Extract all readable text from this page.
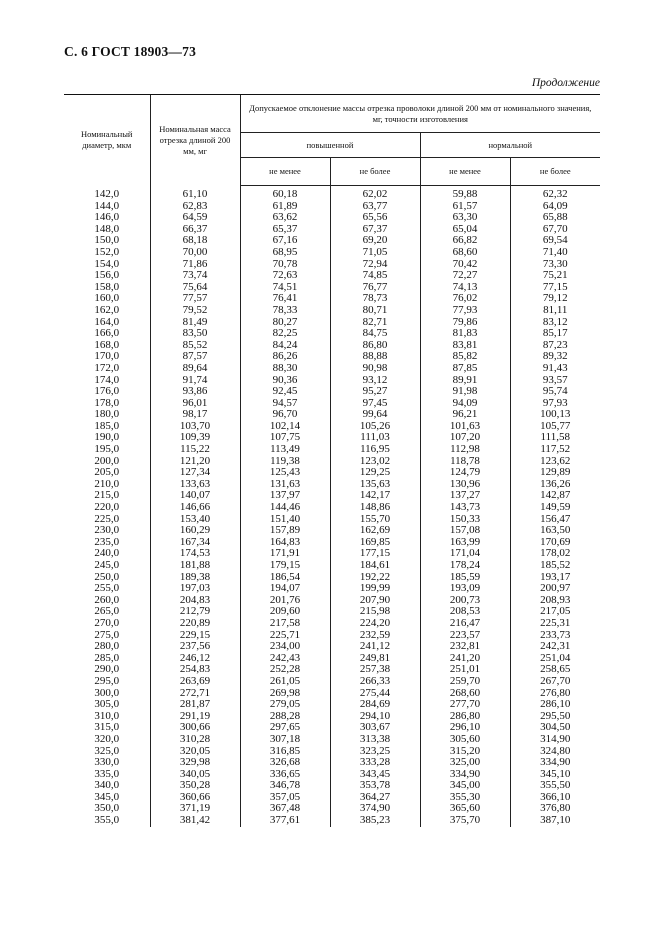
С. 6 ГОСТ 18903—73
Продолжение
Номинальный диаметр, мкм	Номинальная масса отрезка длиной 200 мм, мг	Допускаемое отклонение массы отрезка проволоки длиной 200 мм от номинального значения, мг, точности изготовления			
		повышенной		нормальной	
		не менее	не более	не менее	не более
142,0	61,10	60,18	62,02	59,88	62,32
144,0	62,83	61,89	63,77	61,57	64,09
146,0	64,59	63,62	65,56	63,30	65,88
148,0	66,37	65,37	67,37	65,04	67,70
150,0	68,18	67,16	69,20	66,82	69,54
152,0	70,00	68,95	71,05	68,60	71,40
154,0	71,86	70,78	72,94	70,42	73,30
156,0	73,74	72,63	74,85	72,27	75,21
158,0	75,64	74,51	76,77	74,13	77,15
160,0	77,57	76,41	78,73	76,02	79,12
162,0	79,52	78,33	80,71	77,93	81,11
164,0	81,49	80,27	82,71	79,86	83,12
166,0	83,50	82,25	84,75	81,83	85,17
168,0	85,52	84,24	86,80	83,81	87,23
170,0	87,57	86,26	88,88	85,82	89,32
172,0	89,64	88,30	90,98	87,85	91,43
174,0	91,74	90,36	93,12	89,91	93,57
176,0	93,86	92,45	95,27	91,98	95,74
178,0	96,01	94,57	97,45	94,09	97,93
180,0	98,17	96,70	99,64	96,21	100,13
185,0	103,70	102,14	105,26	101,63	105,77
190,0	109,39	107,75	111,03	107,20	111,58
195,0	115,22	113,49	116,95	112,98	117,52
200,0	121,20	119,38	123,02	118,78	123,62
205,0	127,34	125,43	129,25	124,79	129,89
210,0	133,63	131,63	135,63	130,96	136,26
215,0	140,07	137,97	142,17	137,27	142,87
220,0	146,66	144,46	148,86	143,73	149,59
225,0	153,40	151,40	155,70	150,33	156,47
230,0	160,29	157,89	162,69	157,08	163,50
235,0	167,34	164,83	169,85	163,99	170,69
240,0	174,53	171,91	177,15	171,04	178,02
245,0	181,88	179,15	184,61	178,24	185,52
250,0	189,38	186,54	192,22	185,59	193,17
255,0	197,03	194,07	199,99	193,09	200,97
260,0	204,83	201,76	207,90	200,73	208,93
265,0	212,79	209,60	215,98	208,53	217,05
270,0	220,89	217,58	224,20	216,47	225,31
275,0	229,15	225,71	232,59	223,57	233,73
280,0	237,56	234,00	241,12	232,81	242,31
285,0	246,12	242,43	249,81	241,20	251,04
290,0	254,83	252,28	257,38	251,01	258,65
295,0	263,69	261,05	266,33	259,70	267,70
300,0	272,71	269,98	275,44	268,60	276,80
305,0	281,87	279,05	284,69	277,70	286,10
310,0	291,19	288,28	294,10	286,80	295,50
315,0	300,66	297,65	303,67	296,10	304,50
320,0	310,28	307,18	313,38	305,60	314,90
325,0	320,05	316,85	323,25	315,20	324,80
330,0	329,98	326,68	333,28	325,00	334,90
335,0	340,05	336,65	343,45	334,90	345,10
340,0	350,28	346,78	353,78	345,00	355,50
345,0	360,66	357,05	364,27	355,30	366,10
350,0	371,19	367,48	374,90	365,60	376,80
355,0	381,42	377,61	385,23	375,70	387,10
